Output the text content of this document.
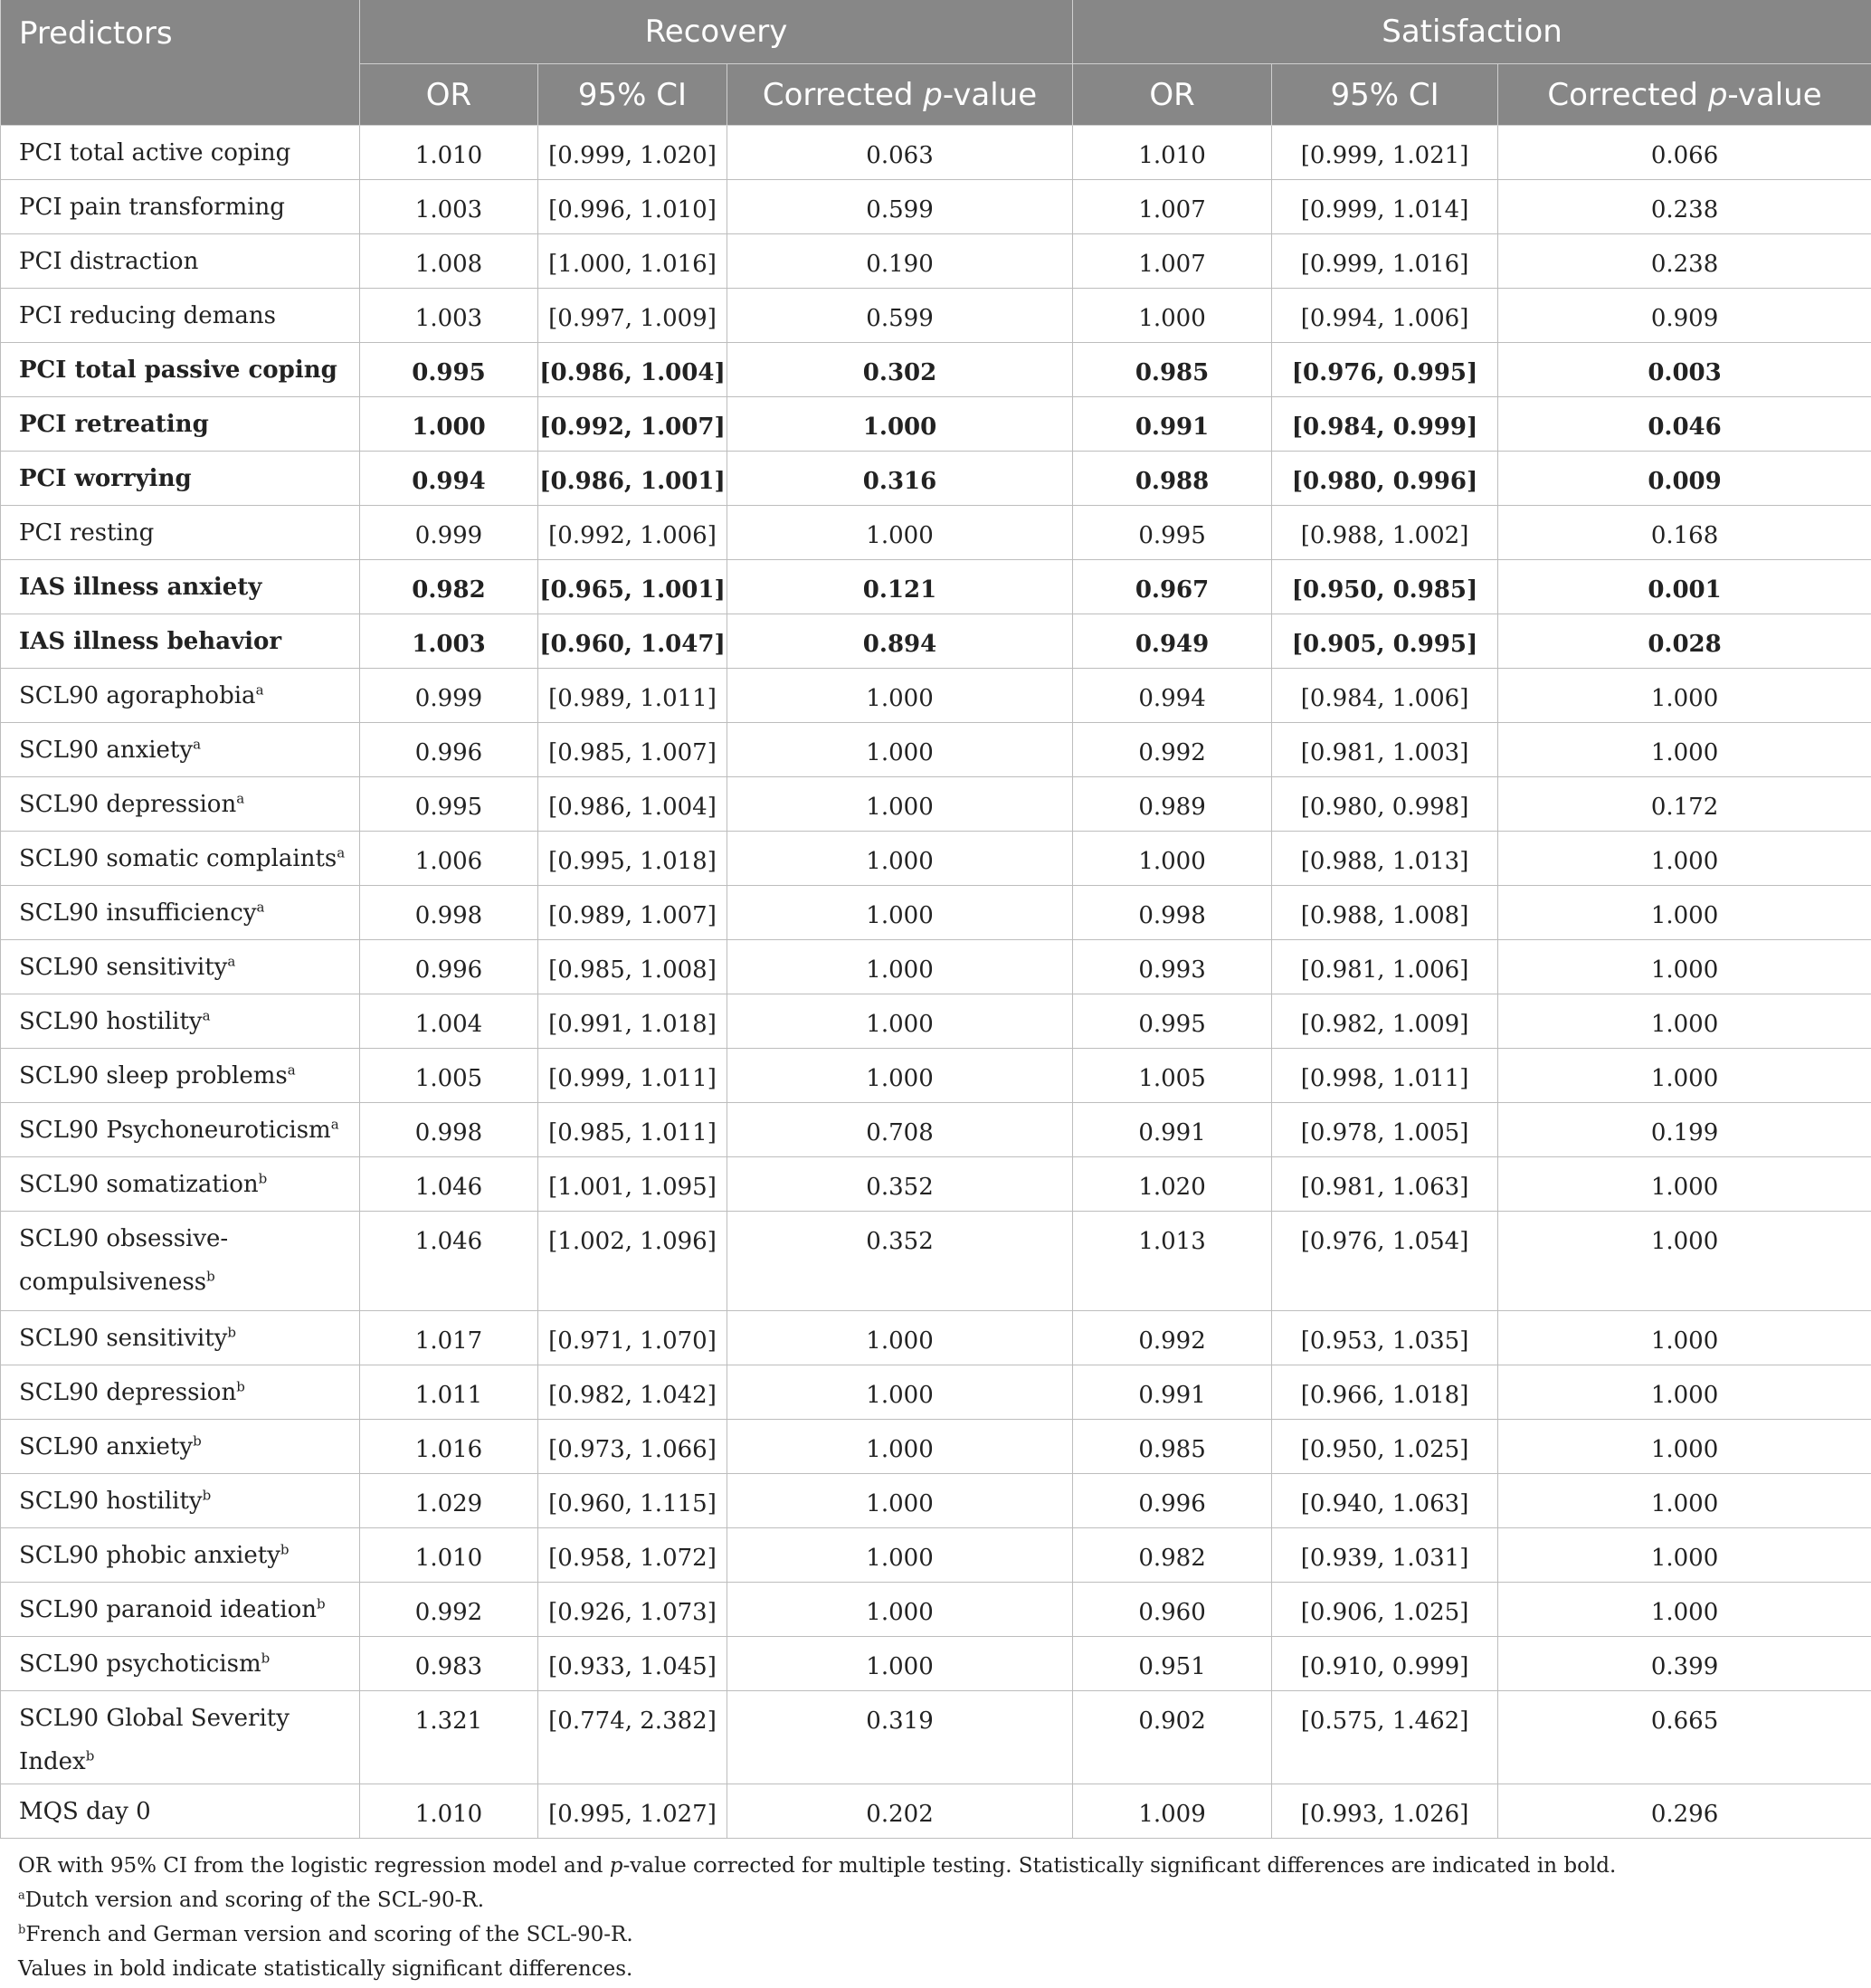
Predictors	Recovery			Satisfaction		
	OR	95% CI	Corrected p-value	OR	95% CI	Corrected p-value
PCI total active coping	1.010	[0.999, 1.020]	0.063	1.010	[0.999, 1.021]	0.066
PCI pain transforming	1.003	[0.996, 1.010]	0.599	1.007	[0.999, 1.014]	0.238
PCI distraction	1.008	[1.000, 1.016]	0.190	1.007	[0.999, 1.016]	0.238
PCI reducing demans	1.003	[0.997, 1.009]	0.599	1.000	[0.994, 1.006]	0.909
PCI total passive coping	0.995	[0.986, 1.004]	0.302	0.985	[0.976, 0.995]	0.003
PCI retreating	1.000	[0.992, 1.007]	1.000	0.991	[0.984, 0.999]	0.046
PCI worrying	0.994	[0.986, 1.001]	0.316	0.988	[0.980, 0.996]	0.009
PCI resting	0.999	[0.992, 1.006]	1.000	0.995	[0.988, 1.002]	0.168
IAS illness anxiety	0.982	[0.965, 1.001]	0.121	0.967	[0.950, 0.985]	0.001
IAS illness behavior	1.003	[0.960, 1.047]	0.894	0.949	[0.905, 0.995]	0.028
SCL90 agoraphobia$^a$	0.999	[0.989, 1.011]	1.000	0.994	[0.984, 1.006]	1.000
SCL90 anxiety$^a$	0.996	[0.985, 1.007]	1.000	0.992	[0.981, 1.003]	1.000
SCL90 depression$^a$	0.995	[0.986, 1.004]	1.000	0.989	[0.980, 0.998]	0.172
SCL90 somatic complaints$^a$	1.006	[0.995, 1.018]	1.000	1.000	[0.988, 1.013]	1.000
SCL90 insufficiency$^a$	0.998	[0.989, 1.007]	1.000	0.998	[0.988, 1.008]	1.000
SCL90 sensitivity$^a$	0.996	[0.985, 1.008]	1.000	0.993	[0.981, 1.006]	1.000
SCL90 hostility$^a$	1.004	[0.991, 1.018]	1.000	0.995	[0.982, 1.009]	1.000
SCL90 sleep problems$^a$	1.005	[0.999, 1.011]	1.000	1.005	[0.998, 1.011]	1.000
SCL90 Psychoneuroticism$^a$	0.998	[0.985, 1.011]	0.708	0.991	[0.978, 1.005]	0.199
SCL90 somatization$^b$	1.046	[1.001, 1.095]	0.352	1.020	[0.981, 1.063]	1.000
SCL90 obsessive-compulsiveness$^b$	1.046	[1.002, 1.096]	0.352	1.013	[0.976, 1.054]	1.000
SCL90 sensitivity$^b$	1.017	[0.971, 1.070]	1.000	0.992	[0.953, 1.035]	1.000
SCL90 depression$^b$	1.011	[0.982, 1.042]	1.000	0.991	[0.966, 1.018]	1.000
SCL90 anxiety$^b$	1.016	[0.973, 1.066]	1.000	0.985	[0.950, 1.025]	1.000
SCL90 hostility$^b$	1.029	[0.960, 1.115]	1.000	0.996	[0.940, 1.063]	1.000
SCL90 phobic anxiety$^b$	1.010	[0.958, 1.072]	1.000	0.982	[0.939, 1.031]	1.000
SCL90 paranoid ideation$^b$	0.992	[0.926, 1.073]	1.000	0.960	[0.906, 1.025]	1.000
SCL90 psychoticism$^b$	0.983	[0.933, 1.045]	1.000	0.951	[0.910, 0.999]	0.399
SCL90 Global Severity Index$^b$	1.321	[0.774, 2.382]	0.319	0.902	[0.575, 1.462]	0.665
MQS day 0	1.010	[0.995, 1.027]	0.202	1.009	[0.993, 1.026]	0.296

OR with 95% CI from the logistic regression model and p-value corrected for multiple testing. Statistically significant differences are indicated in bold.

$^a$Dutch version and scoring of the SCL-90-R.

$^b$French and German version and scoring of the SCL-90-R.

Values in bold indicate statistically significant differences.
